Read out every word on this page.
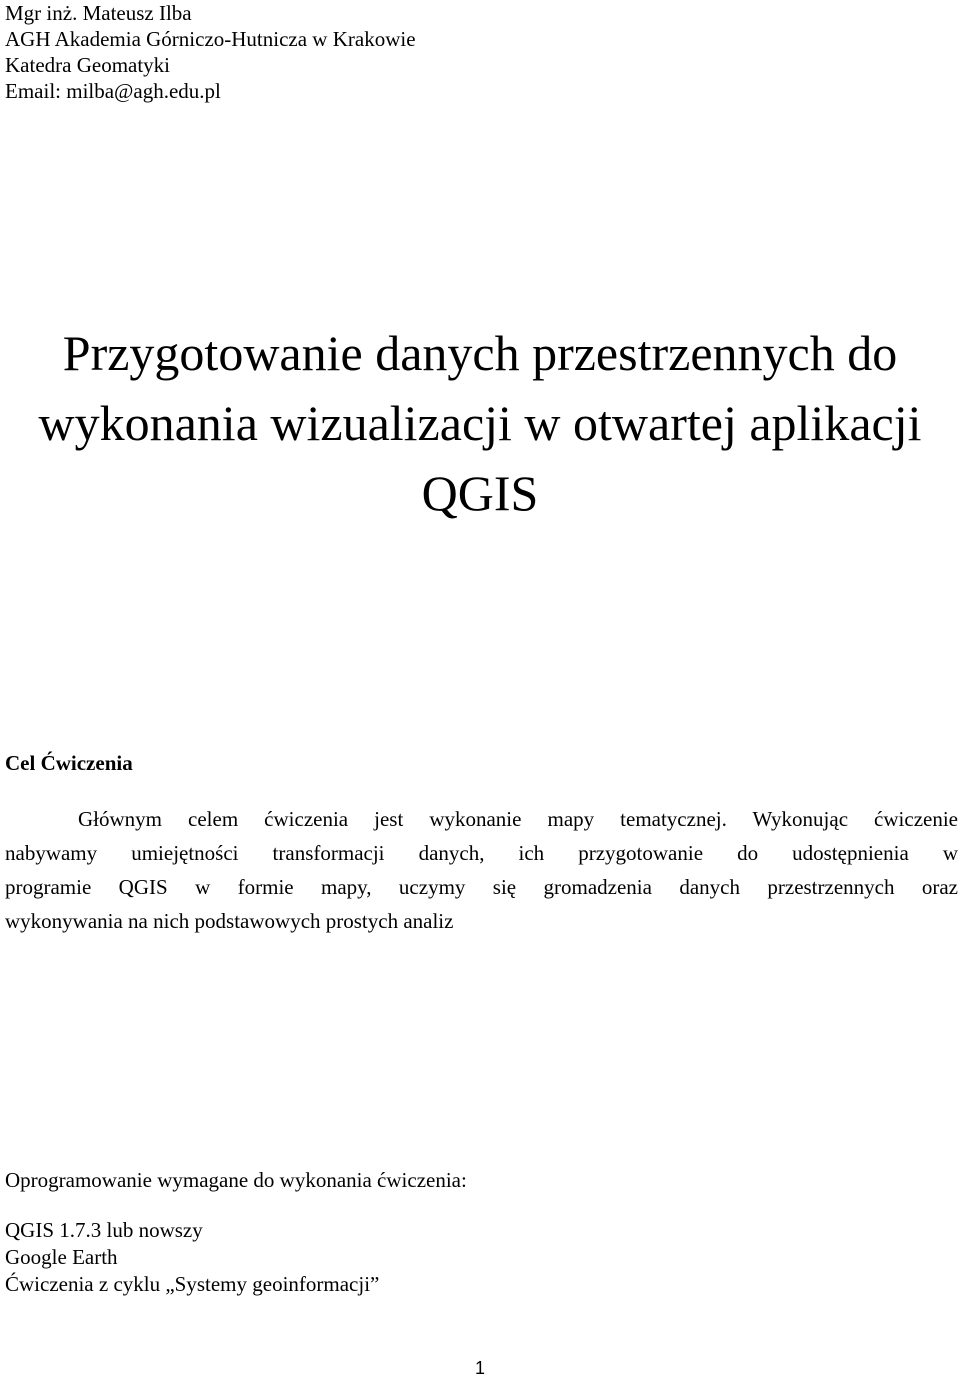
Mgr inż. Mateusz Ilba
AGH Akademia Górniczo-Hutnicza w Krakowie
Katedra Geomatyki
Email: milba@agh.edu.pl
Przygotowanie danych przestrzennych do
wykonania wizualizacji w otwartej aplikacji
QGIS
Cel Ćwiczenia
Głównym celem ćwiczenia jest wykonanie mapy tematycznej. Wykonując ćwiczenie
nabywamy umiejętności transformacji danych, ich przygotowanie do udostępnienia w
programie QGIS w formie mapy, uczymy się gromadzenia danych przestrzennych oraz
wykonywania na nich podstawowych prostych analiz
Oprogramowanie wymagane do wykonania ćwiczenia:
QGIS 1.7.3 lub nowszy
Google Earth
Ćwiczenia z cyklu „Systemy geoinformacji”
1
